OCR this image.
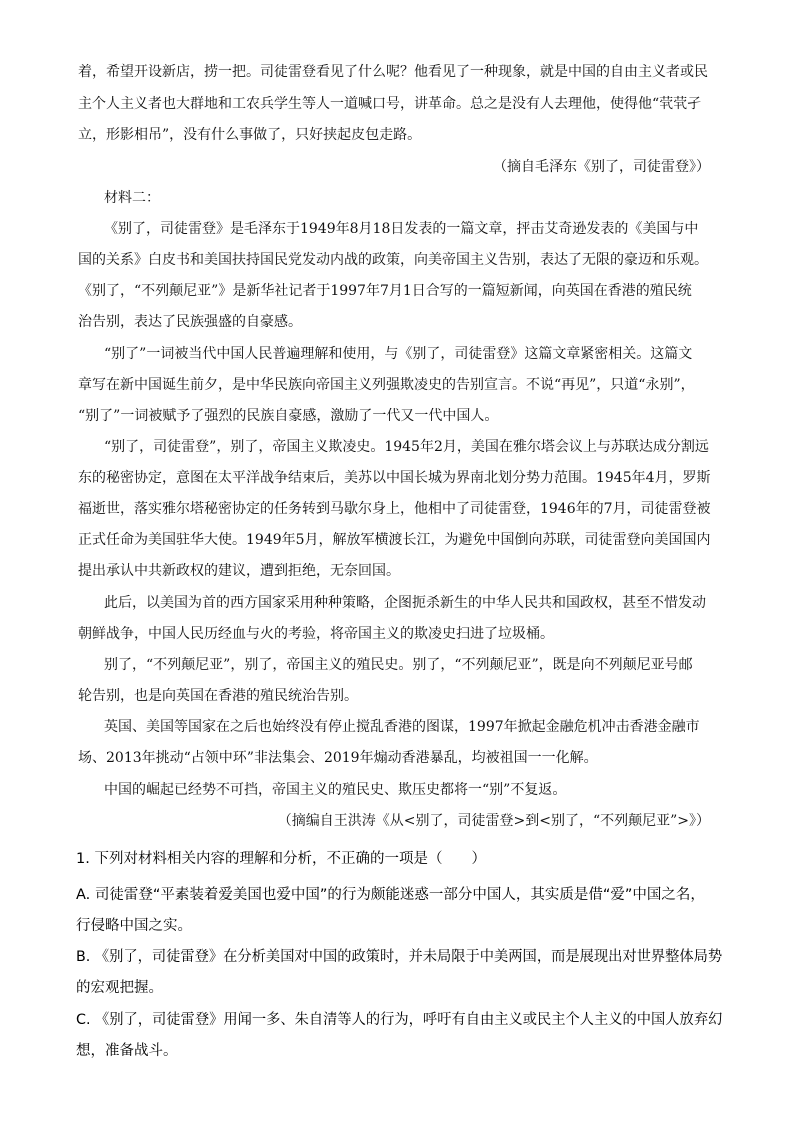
着，希望开设新店，捞一把。司徒雷登看见了什么呢？他看见了一种现象，就是中国的自由主义者或民

主个人主义者也大群地和工农兵学生等人一道喊口号，讲革命。总之是没有人去理他，使得他“茕茕孑

立，形影相吊”，没有什么事做了，只好挟起皮包走路。

（摘自毛泽东《别了，司徒雷登》）

材料二：

《别了，司徒雷登》是毛泽东于1949年8月18日发表的一篇文章，抨击艾奇逊发表的《美国与中

国的关系》白皮书和美国扶持国民党发动内战的政策，向美帝国主义告别，表达了无限的豪迈和乐观。

《别了，“不列颠尼亚”》是新华社记者于1997年7月1日合写的一篇短新闻，向英国在香港的殖民统

治告别，表达了民族强盛的自豪感。

“别了”一词被当代中国人民普遍理解和使用，与《别了，司徒雷登》这篇文章紧密相关。这篇文

章写在新中国诞生前夕，是中华民族向帝国主义列强欺凌史的告别宣言。不说“再见”，只道“永别”，

“别了”一词被赋予了强烈的民族自豪感，激励了一代又一代中国人。

“别了，司徒雷登”，别了，帝国主义欺凌史。1945年2月，美国在雅尔塔会议上与苏联达成分割远

东的秘密协定，意图在太平洋战争结束后，美苏以中国长城为界南北划分势力范围。1945年4月，罗斯

福逝世，落实雅尔塔秘密协定的任务转到马歇尔身上，他相中了司徒雷登，1946年的7月，司徒雷登被

正式任命为美国驻华大使。1949年5月，解放军横渡长江，为避免中国倒向苏联，司徒雷登向美国国内

提出承认中共新政权的建议，遭到拒绝，无奈回国。

此后，以美国为首的西方国家采用种种策略，企图扼杀新生的中华人民共和国政权，甚至不惜发动

朝鲜战争，中国人民历经血与火的考验，将帝国主义的欺凌史扫进了垃圾桶。

别了，“不列颠尼亚”，别了，帝国主义的殖民史。别了，“不列颠尼亚”，既是向不列颠尼亚号邮

轮告别，也是向英国在香港的殖民统治告别。

英国、美国等国家在之后也始终没有停止搅乱香港的图谋，1997年掀起金融危机冲击香港金融市

场、2013年挑动“占领中环”非法集会、2019年煽动香港暴乱，均被祖国一一化解。

中国的崛起已经势不可挡，帝国主义的殖民史、欺压史都将一“别”不复返。

（摘编自王洪涛《从<别了，司徒雷登>到<别了，“不列颠尼亚”>》）

1. 下列对材料相关内容的理解和分析，不正确的一项是（　　）

A. 司徒雷登“平素装着爱美国也爱中国”的行为颇能迷惑一部分中国人，其实质是借“爱”中国之名，

行侵略中国之实。

B. 《别了，司徒雷登》在分析美国对中国的政策时，并未局限于中美两国，而是展现出对世界整体局势

的宏观把握。

C. 《别了，司徒雷登》用闻一多、朱自清等人的行为，呼吁有自由主义或民主个人主义的中国人放弃幻

想，准备战斗。
